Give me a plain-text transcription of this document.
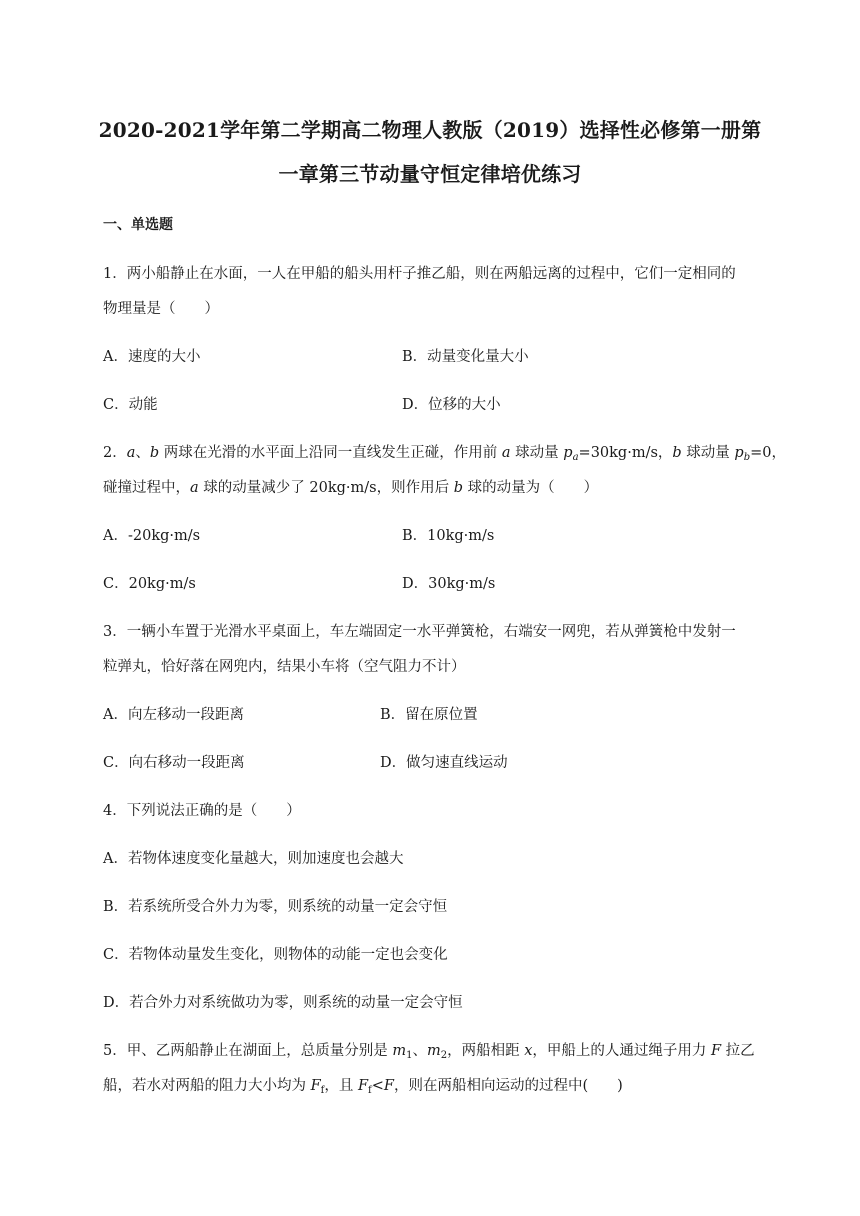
2020-2021学年第二学期高二物理人教版（2019）选择性必修第一册第
一章第三节动量守恒定律培优练习
一、单选题
1．两小船静止在水面，一人在甲船的船头用杆子推乙船，则在两船远离的过程中，它们一定相同的
物理量是（　　）
A．速度的大小	B．动量变化量大小
C．动能	D．位移的大小
2．a、b 两球在光滑的水平面上沿同一直线发生正碰，作用前 a 球动量 $p_a=30kg\cdot m/s$，b 球动量 $p_b=0$，
碰撞过程中，a 球的动量减少了 20kg·m/s，则作用后 b 球的动量为（　　）
A．-20kg·m/s	B．10kg·m/s
C．20kg·m/s	D．30kg·m/s
3．一辆小车置于光滑水平桌面上，车左端固定一水平弹簧枪，右端安一网兜，若从弹簧枪中发射一
粒弹丸，恰好落在网兜内，结果小车将（空气阻力不计）
A．向左移动一段距离	B．留在原位置
C．向右移动一段距离	D．做匀速直线运动
4．下列说法正确的是（　　）
A．若物体速度变化量越大，则加速度也会越大
B．若系统所受合外力为零，则系统的动量一定会守恒
C．若物体动量发生变化，则物体的动能一定也会变化
D．若合外力对系统做功为零，则系统的动量一定会守恒
5．甲、乙两船静止在湖面上，总质量分别是 $m_1$、$m_2$，两船相距 x，甲船上的人通过绳子用力 F 拉乙
船，若水对两船的阻力大小均为 $F_f$，且 $F_f<F$，则在两船相向运动的过程中(　　)
